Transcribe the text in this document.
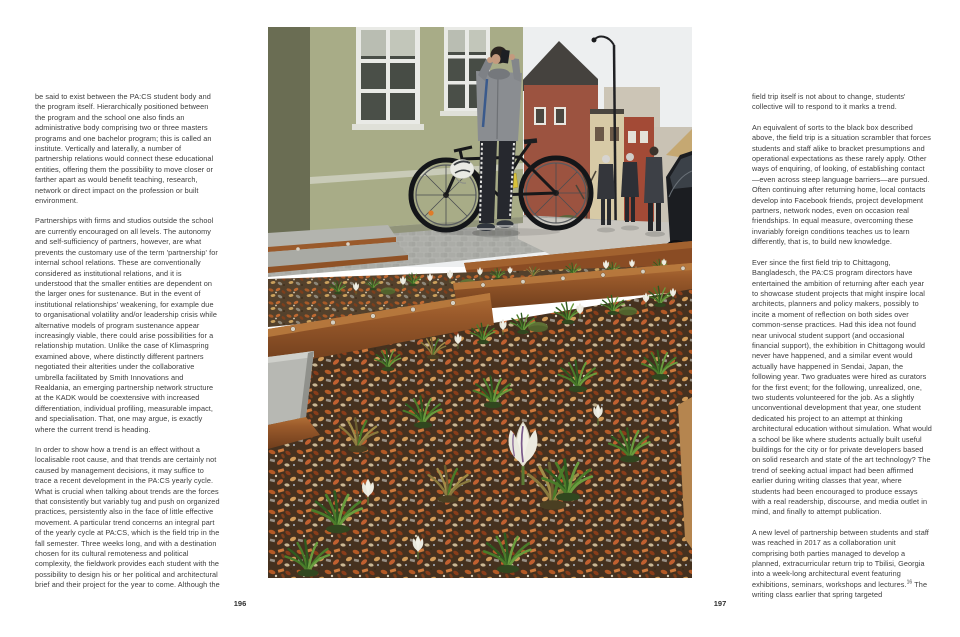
be said to exist between the PA:CS student body and the program itself. Hierarchically positioned between the program and the school one also finds an administrative body comprising two or three masters programs and one bachelor program; this is called an institute. Vertically and laterally, a number of partnership relations would connect these educational entities, offering them the possibility to move closer or farther apart as would benefit teaching, research, network or direct impact on the profession or built environment.

Partnerships with firms and studios outside the school are currently encouraged on all levels. The autonomy and self-sufficiency of partners, however, are what prevents the customary use of the term 'partnership' for internal school relations. These are conventionally considered as institutional relations, and it is understood that the smaller entities are dependent on the larger ones for sustenance. But in the event of institutional relationships' weakening, for example due to organisational volatility and/or leadership crisis while alternative models of program sustenance appear increasingly viable, there could arise possibilities for a relationship mutation. Unlike the case of Klimaspring examined above, where distinctly different partners negotiated their alterities under the collaborative umbrella facilitated by Smith Innovations and Realdania, an emerging partnership network structure at the KADK would be coextensive with increased differentiation, individual profiling, measurable impact, and specialisation. That, one may argue, is exactly where the current trend is heading.

In order to show how a trend is an effect without a localisable root cause, and that trends are certainly not caused by management decisions, it may suffice to trace a recent development in the PA:CS yearly cycle. What is crucial when talking about trends are the forces that consistently but variably tug and push on organized practices, persistently also in the face of little effective movement. A particular trend concerns an integral part of the yearly cycle at PA:CS, which is the field trip in the fall semester. Three weeks long, and with a destination chosen for its cultural remoteness and political complexity, the fieldwork provides each student with the possibility to design his or her political and architectural brief and their project for the year to come. Although the

field trip itself is not about to change, students' collective will to respond to it marks a trend.

An equivalent of sorts to the black box described above, the field trip is a situation scrambler that forces students and staff alike to bracket presumptions and operational expectations as these rarely apply. Other ways of enquiring, of looking, of establishing contact—even across steep language barriers—are pursued. Often continuing after returning home, local contacts develop into Facebook friends, project development partners, network nodes, even on occasion real friendships. In equal measure, overcoming these invariably foreign conditions teaches us to learn differently, that is, to build new knowledge.

Ever since the first field trip to Chittagong, Bangladesch, the PA:CS program directors have entertained the ambition of returning after each year to showcase student projects that might inspire local architects, planners and policy makers, possibly to incite a moment of reflection on both sides over common-sense practices. Had this idea not found near univocal student support (and occasional financial support), the exhibition in Chittagong would never have happened, and a similar event would actually have happened in Sendai, Japan, the following year. Two graduates were hired as curators for the first event; for the following, unrealized, one, two students volunteered for the job. As a slightly unconventional development that year, one student dedicated his project to an attempt at thinking architectural education without simulation. What would a school be like where students actually built useful buildings for the city or for private developers based on solid research and state of the art technology? The trend of seeking actual impact had been affirmed earlier during writing classes that year, where students had been encouraged to produce essays with a real readership, discourse, and media outlet in mind, and finally to attempt publication.

A new level of partnership between students and staff was reached in 2017 as a collaboration unit comprising both parties managed to develop a planned, extracurricular return trip to Tbilisi, Georgia into a week-long architectural event featuring exhibitions, seminars, workshops and lectures.$^{16}$ The writing class earlier that spring targeted

196	197
